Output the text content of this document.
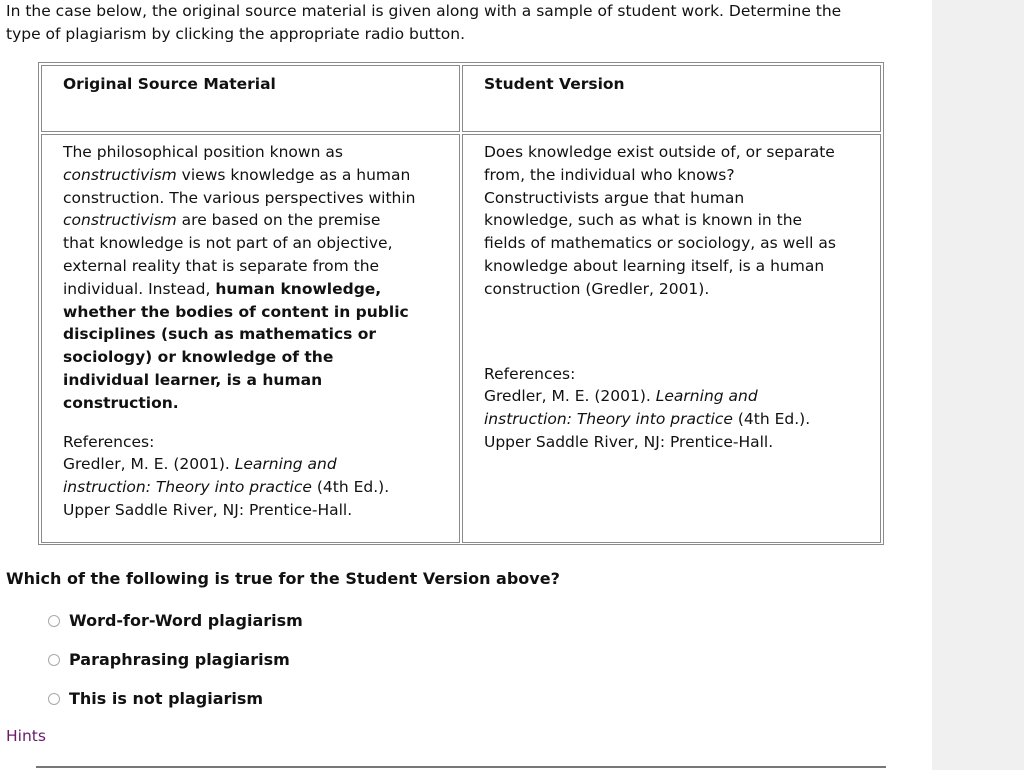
In the case below, the original source material is given along with a sample of student work. Determine the
type of plagiarism by clicking the appropriate radio button.
Original Source Material	Student Version
The philosophical position known as
constructivism views knowledge as a human
construction. The various perspectives within
constructivism are based on the premise
that knowledge is not part of an objective,
external reality that is separate from the
individual. Instead, human knowledge,
whether the bodies of content in public
disciplines (such as mathematics or
sociology) or knowledge of the
individual learner, is a human
construction.
References:
Gredler, M. E. (2001). Learning and
instruction: Theory into practice (4th Ed.).
Upper Saddle River, NJ: Prentice-Hall.
Does knowledge exist outside of, or separate
from, the individual who knows?
Constructivists argue that human
knowledge, such as what is known in the
fields of mathematics or sociology, as well as
knowledge about learning itself, is a human
construction (Gredler, 2001).
References:
Gredler, M. E. (2001). Learning and
instruction: Theory into practice (4th Ed.).
Upper Saddle River, NJ: Prentice-Hall.
Which of the following is true for the Student Version above?
Word-for-Word plagiarism
Paraphrasing plagiarism
This is not plagiarism
Hints
